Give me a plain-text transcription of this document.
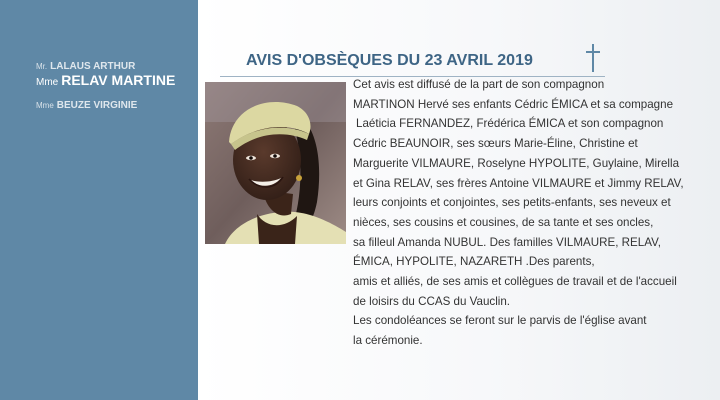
Mr. LALAUS ARTHUR
Mme RELAV MARTINE
Mme BEUZE VIRGINIE
AVIS D'OBSÈQUES DU 23 AVRIL 2019
Cet avis est diffusé de la part de son compagnon
MARTINON Hervé ses enfants Cédric ÉMICA et sa compagne
Laéticia FERNANDEZ, Frédérica ÉMICA et son compagnon
Cédric BEAUNOIR, ses sœurs Marie-Éline, Christine et
Marguerite VILMAURE, Roselyne HYPOLITE, Guylaine, Mirella
et Gina RELAV, ses frères Antoine VILMAURE et Jimmy RELAV,
leurs conjoints et conjointes, ses petits-enfants, ses neveux et
nièces, ses cousins et cousines, de sa tante et ses oncles,
sa filleul Amanda NUBUL. Des familles VILMAURE, RELAV,
ÉMICA, HYPOLITE, NAZARETH .Des parents,
amis et alliés, de ses amis et collègues de travail et de l'accueil
de loisirs du CCAS du Vauclin.
Les condoléances se feront sur le parvis de l'église avant
la cérémonie.
